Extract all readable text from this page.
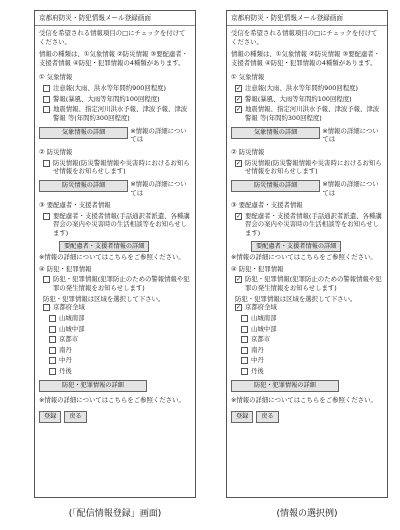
京都府防災・防犯情報メール登録画面
受信を希望される情報項目の□にチェックを付けてください。
情報の種類は、①気象情報 ②防災情報 ③要配慮者・支援者情報 ④防犯・犯罪情報の4種類があります。
① 気象情報
注意報(大雨、洪水等年間約900回程度)
警報(暴風、大雨等年間約100回程度)
地震情報、指定河川洪水予報、津波予報、津波警報 等(年間約300回程度)
気象情報の詳細	※情報の詳細については
② 防災情報
防災情報(防災警報情報や災害時におけるお知らせ情報をお知らせします)
防災情報の詳細	※情報の詳細については
③ 要配慮者・支援者情報
要配慮者・支援者情報(手話通訳者派遣、各種講習会の案内や災害時の生活相談等をお知らせします)
要配慮者・支援者情報の詳細
※情報の詳細についてはこちらをご参照ください。
④ 防犯・犯罪情報
防犯・犯罪情報(犯罪防止のための警報情報や犯罪の発生情報をお知らせします)
防犯・犯罪情報は区域を選択して下さい。
京都府全域
山城南部
山城中部
京都市
南丹
中丹
丹後
防犯・犯罪情報の詳細
※情報の詳細についてはこちらをご参照ください。
登録	戻る
京都府防災・防犯情報メール登録画面
受信を希望される情報項目の□にチェックを付けてください。
情報の種類は、①気象情報 ②防災情報 ③要配慮者・支援者情報 ④防犯・犯罪情報の4種類があります。
① 気象情報
✓
注意報(大雨、洪水等年間約900回程度)
✓
警報(暴風、大雨等年間約100回程度)
✓
地震情報、指定河川洪水予報、津波予報、津波警報 等(年間約300回程度)
気象情報の詳細	※情報の詳細については
② 防災情報
✓
防災情報(防災警報情報や災害時におけるお知らせ情報をお知らせします)
防災情報の詳細	※情報の詳細については
③ 要配慮者・支援者情報
✓
要配慮者・支援者情報(手話通訳者派遣、各種講習会の案内や災害時の生活相談等をお知らせします)
要配慮者・支援者情報の詳細
※情報の詳細についてはこちらをご参照ください。
④ 防犯・犯罪情報
✓
防犯・犯罪情報(犯罪防止のための警報情報や犯罪の発生情報をお知らせします)
防犯・犯罪情報は区域を選択して下さい。
✓
京都府全域
山城南部
山城中部
京都市
南丹
中丹
丹後
防犯・犯罪情報の詳細
※情報の詳細についてはこちらをご参照ください。
登録	戻る
(「配信情報登録」画面)	(情報の選択例)
